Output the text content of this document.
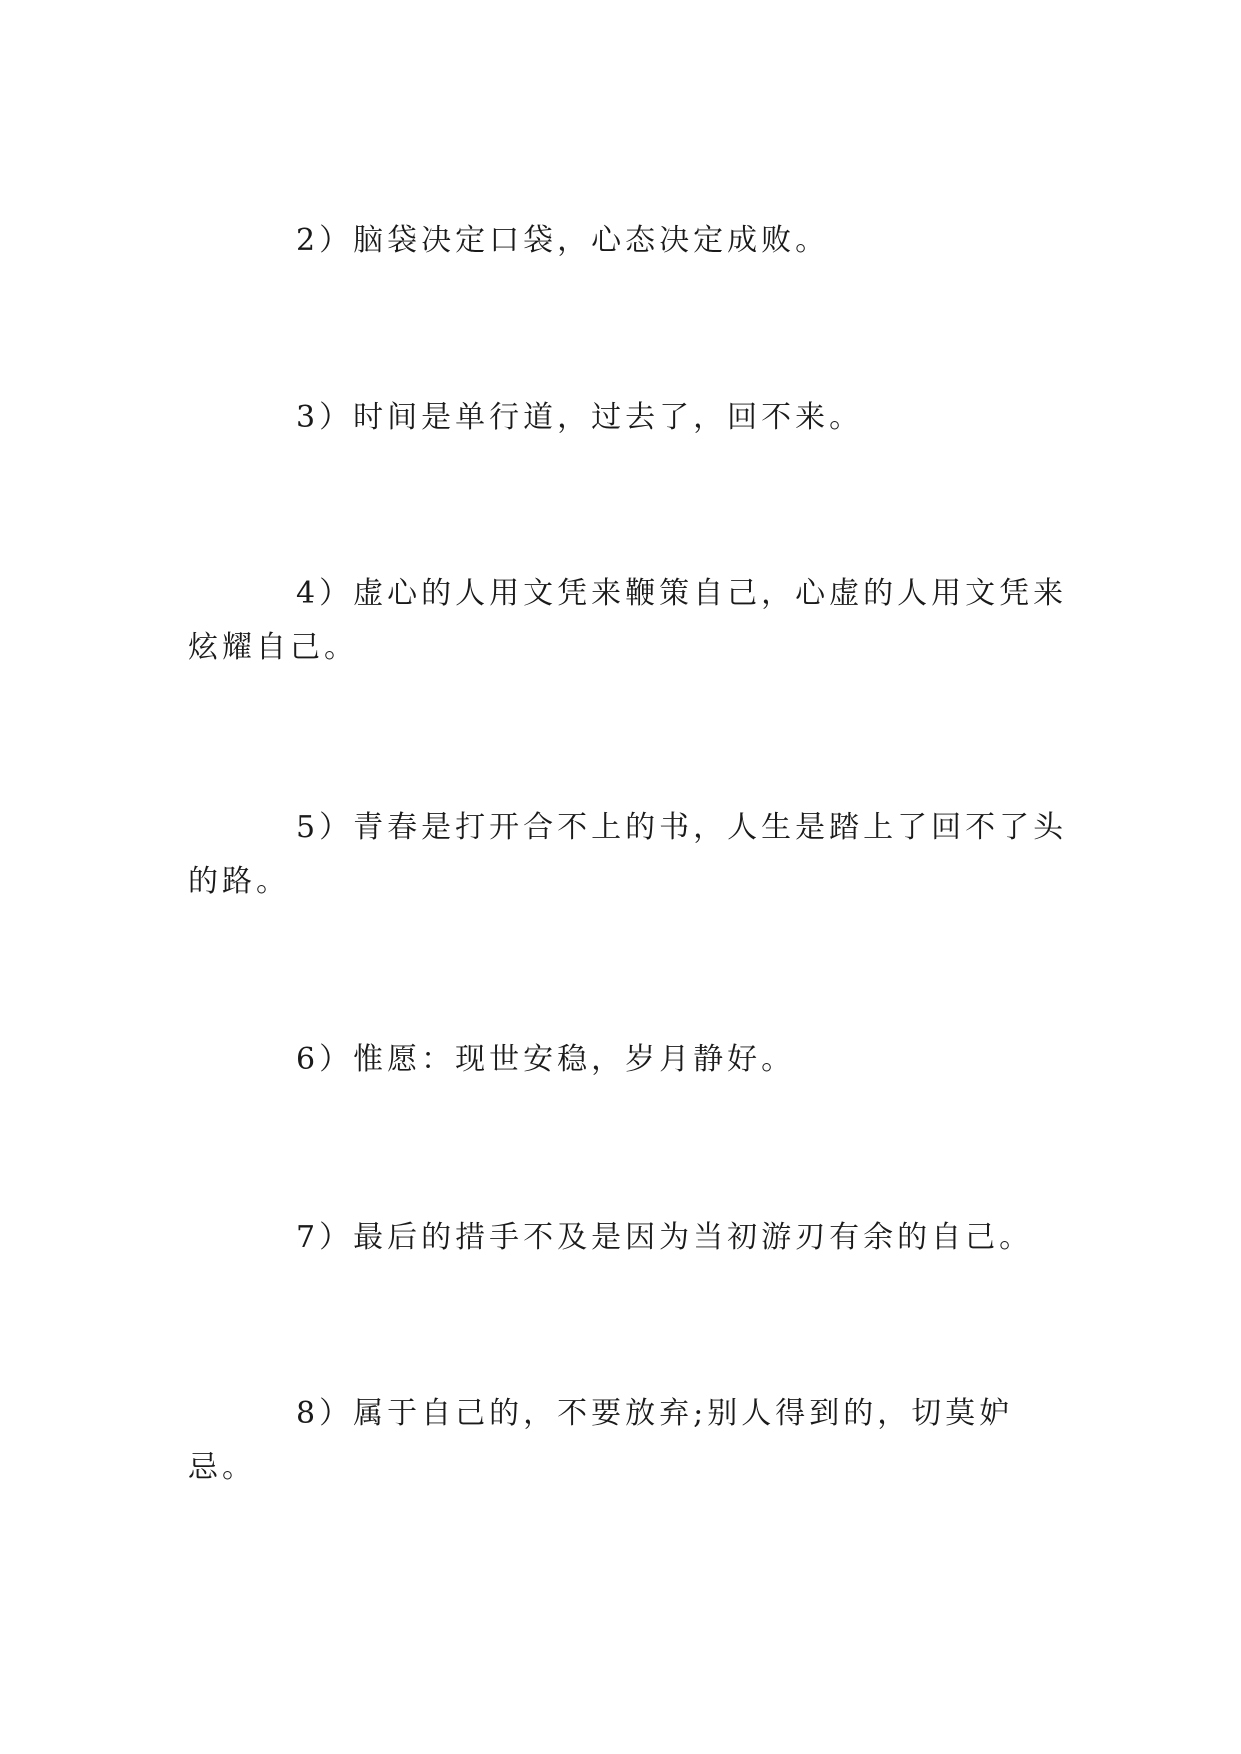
2）脑袋决定口袋，心态决定成败。

3）时间是单行道，过去了，回不来。

4）虚心的人用文凭来鞭策自己，心虚的人用文凭来炫耀自己。

5）青春是打开合不上的书，人生是踏上了回不了头的路。

6）惟愿：现世安稳，岁月静好。

7）最后的措手不及是因为当初游刃有余的自己。

8）属于自己的，不要放弃;别人得到的，切莫妒忌。
